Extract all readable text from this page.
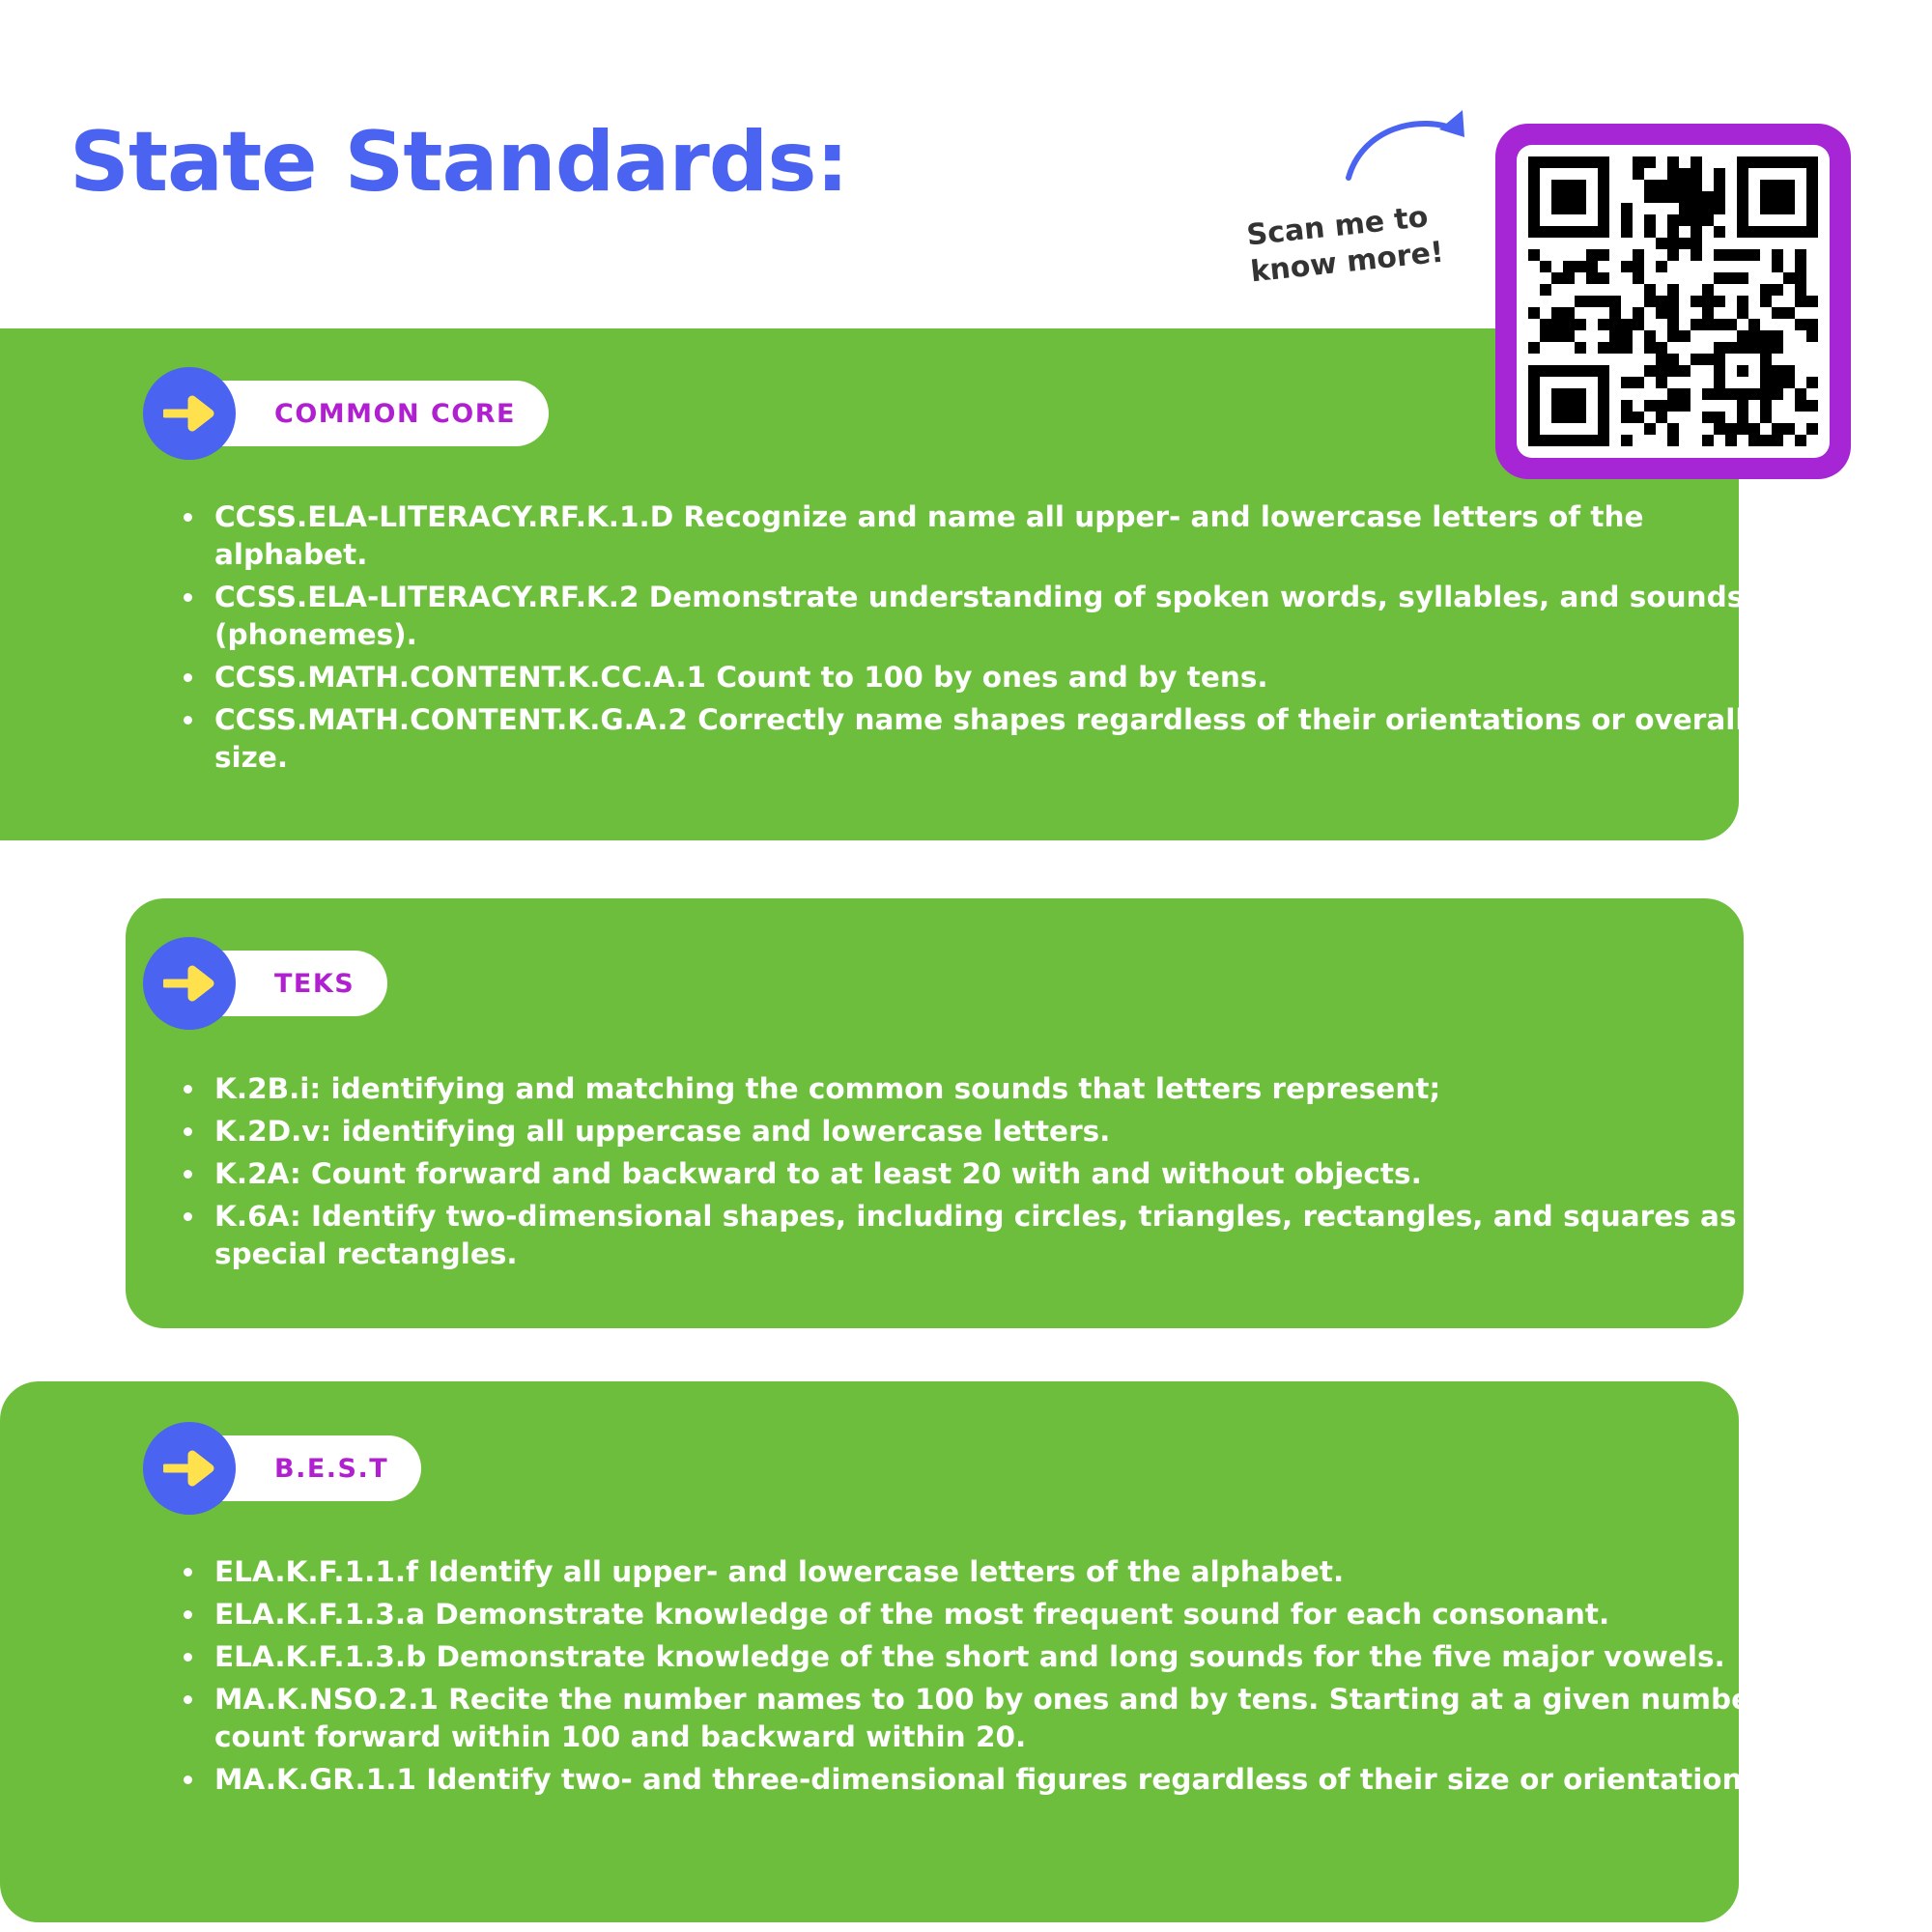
State Standards:
Scan me to know more!
COMMON CORE
CCSS.ELA-LITERACY.RF.K.1.D Recognize and name all upper- and lowercase letters of the alphabet.
CCSS.ELA-LITERACY.RF.K.2 Demonstrate understanding of spoken words, syllables, and sounds (phonemes).
CCSS.MATH.CONTENT.K.CC.A.1 Count to 100 by ones and by tens.
CCSS.MATH.CONTENT.K.G.A.2 Correctly name shapes regardless of their orientations or overall size.
TEKS
K.2B.i: identifying and matching the common sounds that letters represent;
K.2D.v: identifying all uppercase and lowercase letters.
K.2A: Count forward and backward to at least 20 with and without objects.
K.6A: Identify two-dimensional shapes, including circles, triangles, rectangles, and squares as special rectangles.
B.E.S.T
ELA.K.F.1.1.f Identify all upper- and lowercase letters of the alphabet.
ELA.K.F.1.3.a Demonstrate knowledge of the most frequent sound for each consonant.
ELA.K.F.1.3.b Demonstrate knowledge of the short and long sounds for the five major vowels.
MA.K.NSO.2.1 Recite the number names to 100 by ones and by tens. Starting at a given number, count forward within 100 and backward within 20.
MA.K.GR.1.1 Identify two- and three-dimensional figures regardless of their size or orientation.
